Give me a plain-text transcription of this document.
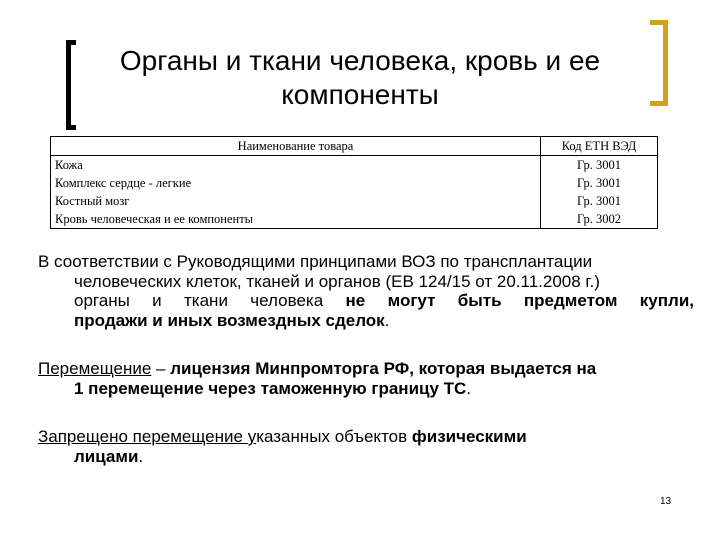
Органы и ткани человека, кровь и ее
компоненты
Наименование товара	Код ЕТН ВЭД
Кожа	Гр. 3001
Комплекс сердце - легкие	Гр. 3001
Костный мозг	Гр. 3001
Кровь человеческая и ее компоненты	Гр. 3002
В соответствии с Руководящими принципами ВОЗ по трансплантации
человеческих клеток, тканей и органов (ЕВ 124/15 от 20.11.2008 г.)
органы и ткани человека не могут быть предметом купли,
продажи и иных возмездных сделок.
Перемещение – лицензия Минпромторга РФ, которая выдается на
1 перемещение через таможенную границу ТС.
Запрещено перемещение указанных объектов физическими
лицами.
13
